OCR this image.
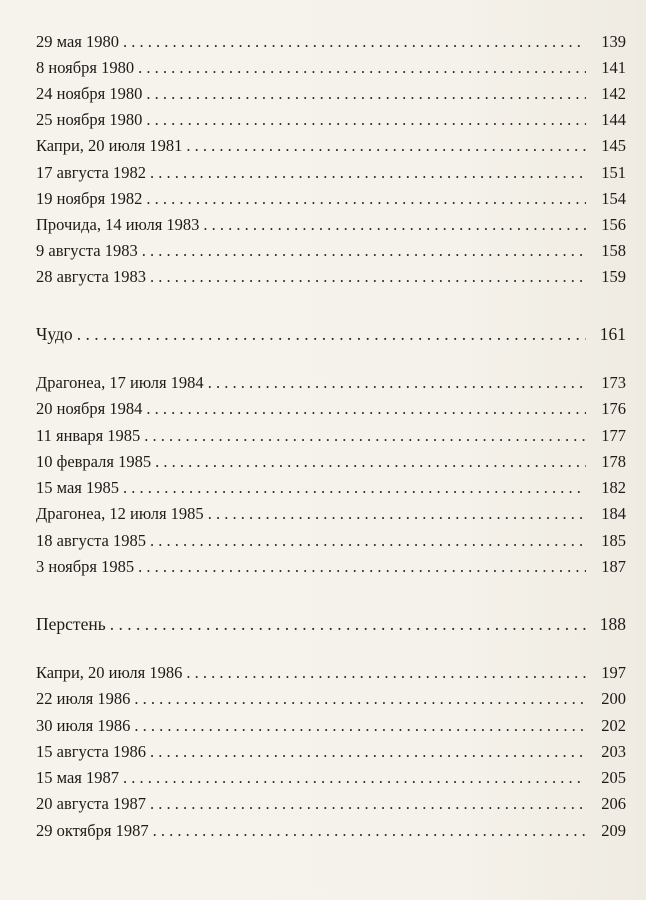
29 мая 1980 . . .	139
8 ноября 1980 . . .	141
24 ноября 1980 . . .	142
25 ноября 1980 . . .	144
Капри, 20 июля 1981 . . .	145
17 августа 1982 . . .	151
19 ноября 1982 . . .	154
Прочида, 14 июля 1983 . . .	156
9 августа 1983 . . .	158
28 августа 1983 . . .	159
Чудо . . .	161
Драгонеа, 17 июля 1984 . . .	173
20 ноября 1984 . . .	176
11 января 1985 . . .	177
10 февраля 1985 . . .	178
15 мая 1985 . . .	182
Драгонеа, 12 июля 1985 . . .	184
18 августа 1985 . . .	185
3 ноября 1985 . . .	187
Перстень . . .	188
Капри, 20 июля 1986 . . .	197
22 июля 1986 . . .	200
30 июля 1986 . . .	202
15 августа 1986 . . .	203
15 мая 1987 . . .	205
20 августа 1987 . . .	206
29 октября 1987 . . .	209
